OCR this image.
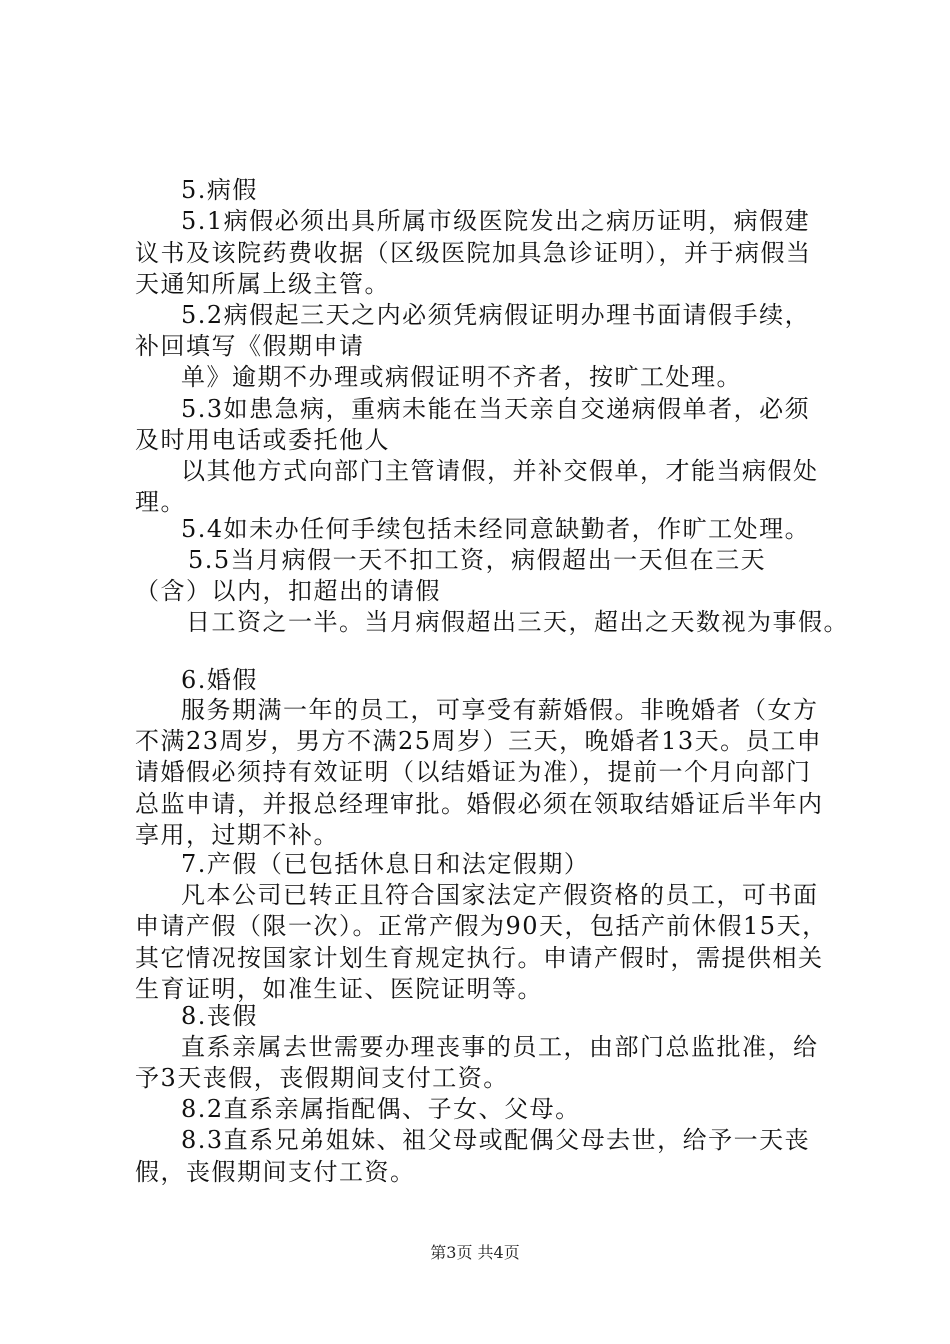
5.病假
5.1病假必须出具所属市级医院发出之病历证明，病假建
议书及该院药费收据（区级医院加具急诊证明），并于病假当
天通知所属上级主管。
5.2病假起三天之内必须凭病假证明办理书面请假手续，
补回填写《假期申请
单》逾期不办理或病假证明不齐者，按旷工处理。
5.3如患急病，重病未能在当天亲自交递病假单者，必须
及时用电话或委托他人
以其他方式向部门主管请假，并补交假单，才能当病假处
理。
5.4如未办任何手续包括未经同意缺勤者，作旷工处理。
5.5当月病假一天不扣工资，病假超出一天但在三天
（含）以内，扣超出的请假
日工资之一半。当月病假超出三天，超出之天数视为事假。
6.婚假
服务期满一年的员工，可享受有薪婚假。非晚婚者（女方
不满23周岁，男方不满25周岁）三天，晚婚者13天。员工申
请婚假必须持有效证明（以结婚证为准），提前一个月向部门
总监申请，并报总经理审批。婚假必须在领取结婚证后半年内
享用，过期不补。
7.产假（已包括休息日和法定假期）
凡本公司已转正且符合国家法定产假资格的员工，可书面
申请产假（限一次）。正常产假为90天，包括产前休假15天，
其它情况按国家计划生育规定执行。申请产假时，需提供相关
生育证明，如准生证、医院证明等。
8.丧假
直系亲属去世需要办理丧事的员工，由部门总监批准，给
予3天丧假，丧假期间支付工资。
8.2直系亲属指配偶、子女、父母。
8.3直系兄弟姐妹、祖父母或配偶父母去世，给予一天丧
假，丧假期间支付工资。
第3页 共4页
